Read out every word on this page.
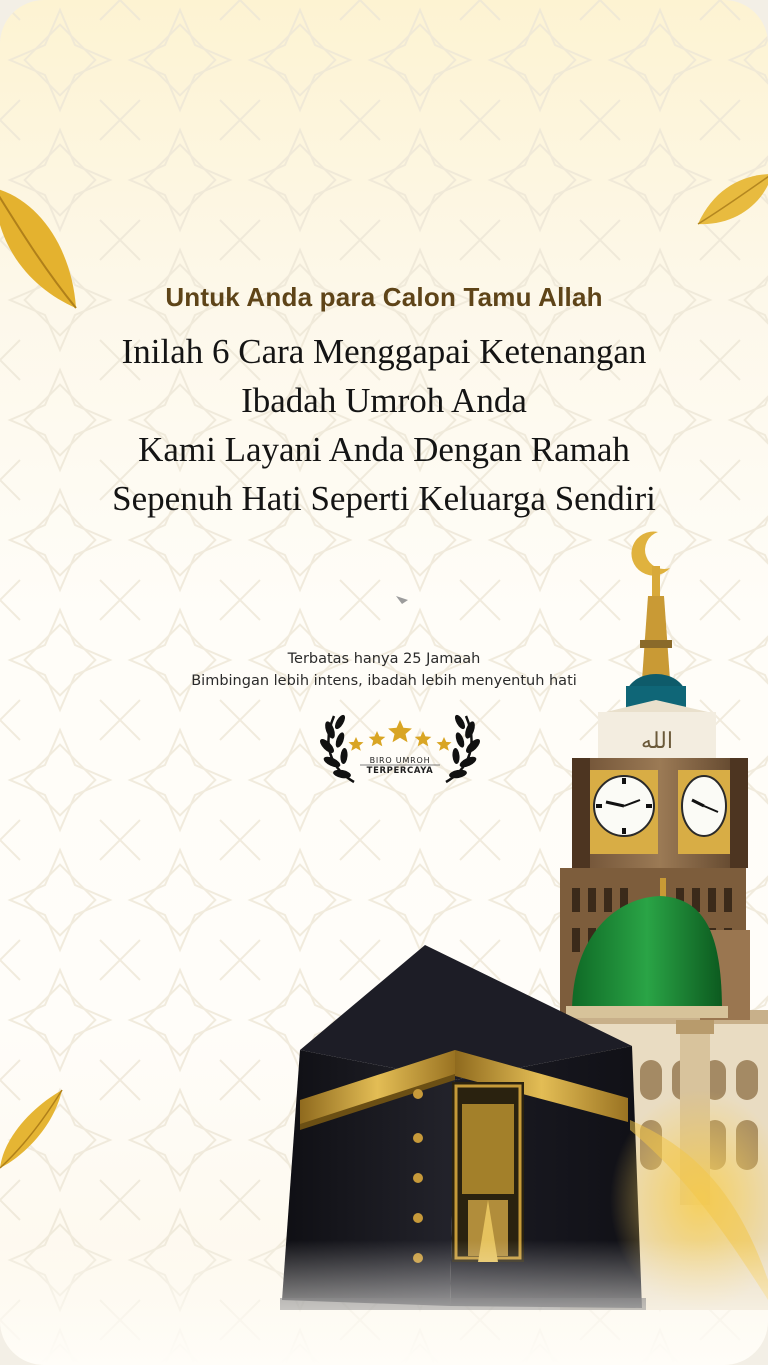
الله

Untuk Anda para Calon Tamu Allah

Inilah 6 Cara Menggapai Ketenangan
Ibadah Umroh Anda
Kami Layani Anda Dengan Ramah
Sepenuh Hati Seperti Keluarga Sendiri
Terbatas hanya 25 Jamaah
Bimbingan lebih intens, ibadah lebih menyentuh hati
BIRO UMROH
TERPERCAYA
